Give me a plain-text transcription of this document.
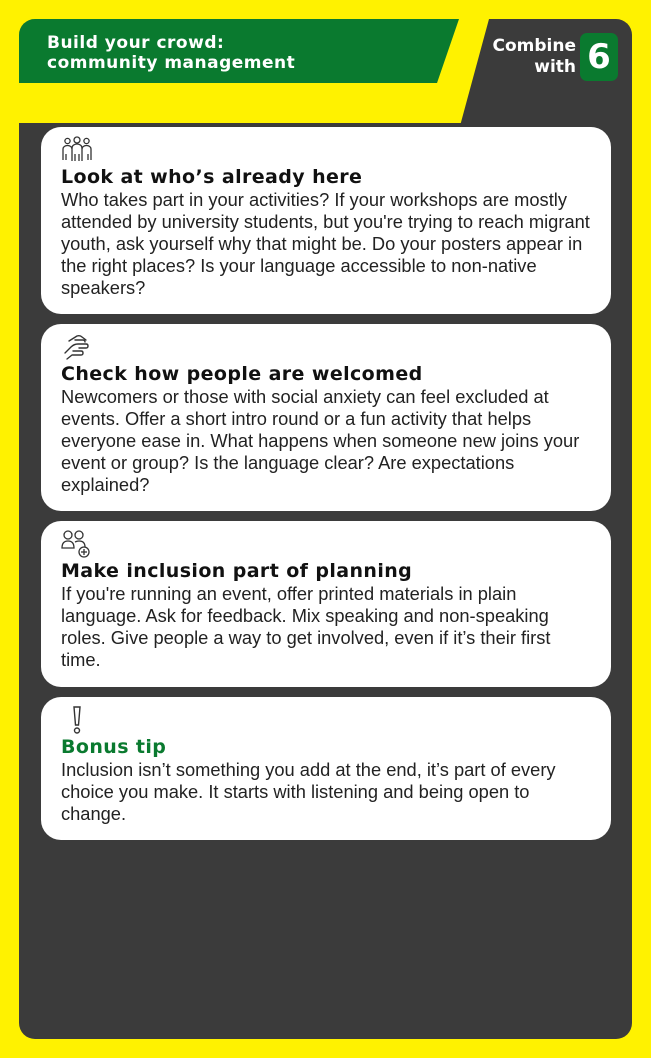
Build your crowd:
community management
Combine
with 6
Look at who’s already here

Who takes part in your activities? If your workshops are mostly attended by university students, but you're trying to reach migrant youth, ask yourself why that might be. Do your posters appear in the right places? Is your language accessible to non-native speakers?

Check how people are welcomed

Newcomers or those with social anxiety can feel excluded at events. Offer a short intro round or a fun activity that helps everyone ease in. What happens when someone new joins your event or group? Is the language clear? Are expectations explained?

Make inclusion part of planning

If you're running an event, offer printed materials in plain language. Ask for feedback. Mix speaking and non-speaking roles. Give people a way to get involved, even if it’s their first time.

Bonus tip

Inclusion isn’t something you add at the end, it’s part of every choice you make. It starts with listening and being open to change.
